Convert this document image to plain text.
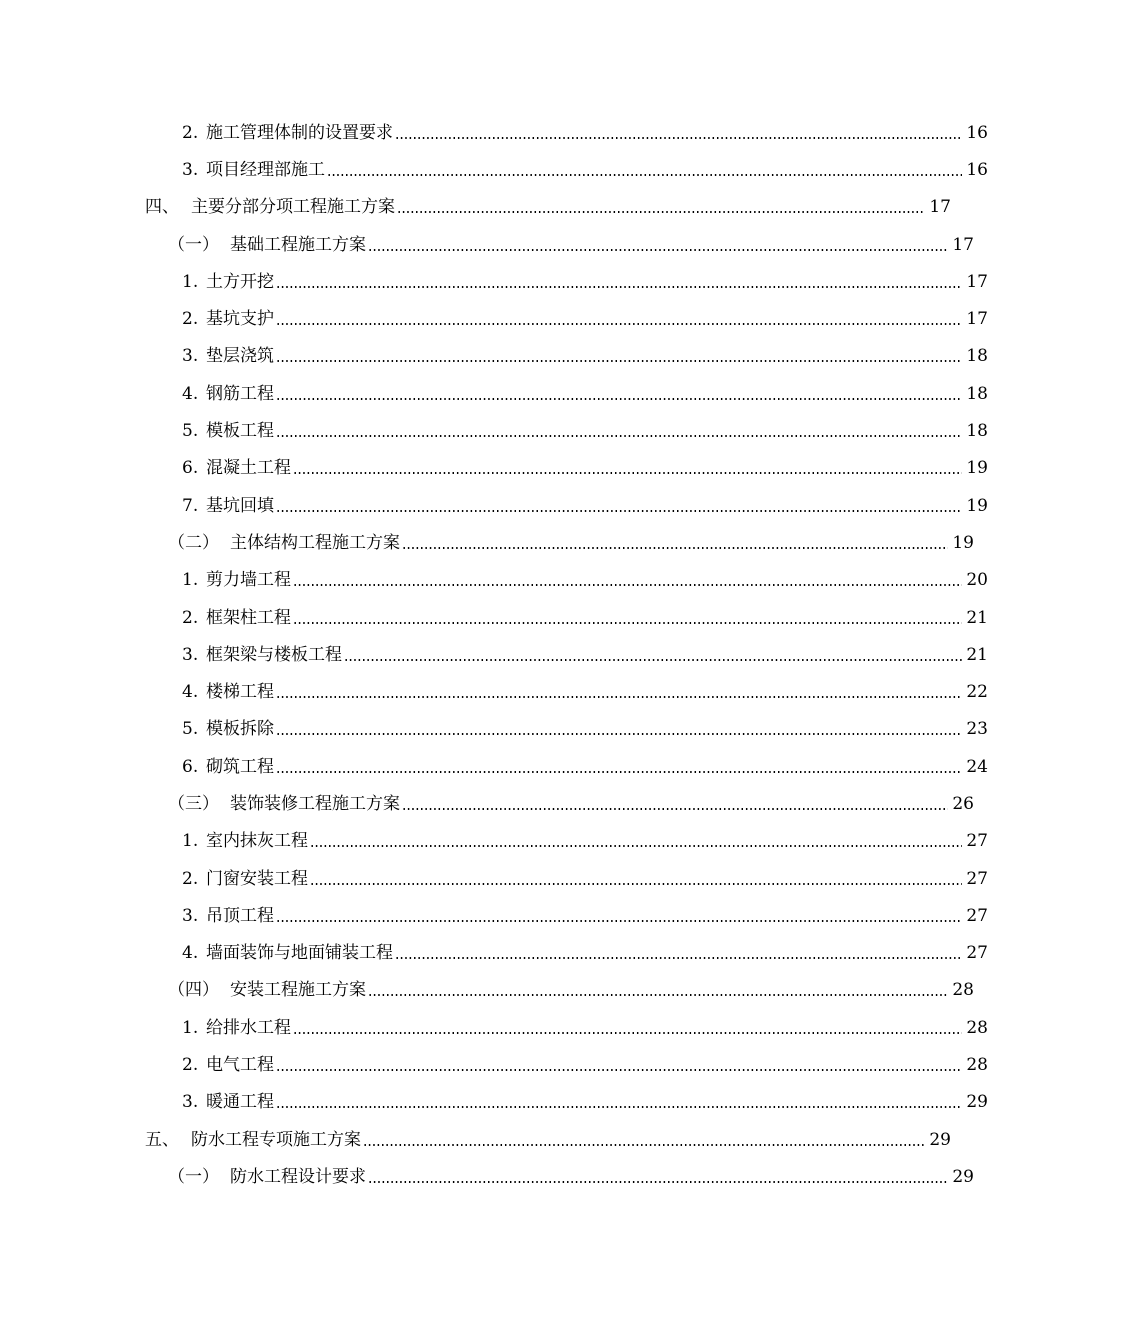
2. 施工管理体制的设置要求	16
3. 项目经理部施工	16
四、 主要分部分项工程施工方案	17
（一） 基础工程施工方案	17
1. 土方开挖	17
2. 基坑支护	17
3. 垫层浇筑	18
4. 钢筋工程	18
5. 模板工程	18
6. 混凝土工程	19
7. 基坑回填	19
（二） 主体结构工程施工方案	19
1. 剪力墙工程	20
2. 框架柱工程	21
3. 框架梁与楼板工程	21
4. 楼梯工程	22
5. 模板拆除	23
6. 砌筑工程	24
（三） 装饰装修工程施工方案	26
1. 室内抹灰工程	27
2. 门窗安装工程	27
3. 吊顶工程	27
4. 墙面装饰与地面铺装工程	27
（四） 安装工程施工方案	28
1. 给排水工程	28
2. 电气工程	28
3. 暖通工程	29
五、 防水工程专项施工方案	29
（一） 防水工程设计要求	29
